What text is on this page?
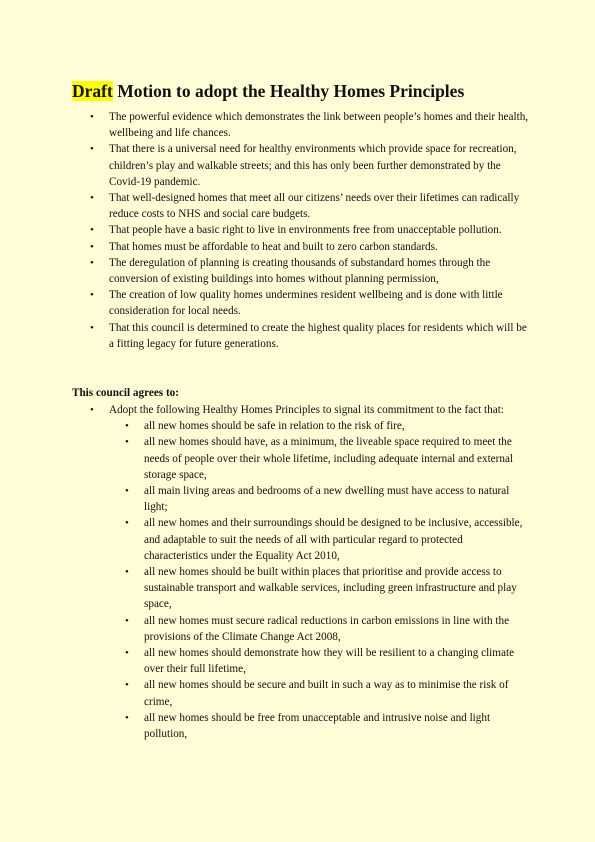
Draft Motion to adopt the Healthy Homes Principles
• The powerful evidence which demonstrates the link between people’s homes and their health, wellbeing and life chances.
• That there is a universal need for healthy environments which provide space for recreation, children’s play and walkable streets; and this has only been further demonstrated by the Covid-19 pandemic.
• That well-designed homes that meet all our citizens’ needs over their lifetimes can radically reduce costs to NHS and social care budgets.
• That people have a basic right to live in environments free from unacceptable pollution.
• That homes must be affordable to heat and built to zero carbon standards.
• The deregulation of planning is creating thousands of substandard homes through the conversion of existing buildings into homes without planning permission,
• The creation of low quality homes undermines resident wellbeing and is done with little consideration for local needs.
• That this council is determined to create the highest quality places for residents which will be a fitting legacy for future generations.

This council agrees to:

• Adopt the following Healthy Homes Principles to signal its commitment to the fact that:
• all new homes should be safe in relation to the risk of fire,
• all new homes should have, as a minimum, the liveable space required to meet the needs of people over their whole lifetime, including adequate internal and external storage space,
• all main living areas and bedrooms of a new dwelling must have access to natural light;
• all new homes and their surroundings should be designed to be inclusive, accessible, and adaptable to suit the needs of all with particular regard to protected characteristics under the Equality Act 2010,
• all new homes should be built within places that prioritise and provide access to sustainable transport and walkable services, including green infrastructure and play space,
• all new homes must secure radical reductions in carbon emissions in line with the provisions of the Climate Change Act 2008,
• all new homes should demonstrate how they will be resilient to a changing climate over their full lifetime,
• all new homes should be secure and built in such a way as to minimise the risk of crime,
• all new homes should be free from unacceptable and intrusive noise and light pollution,
